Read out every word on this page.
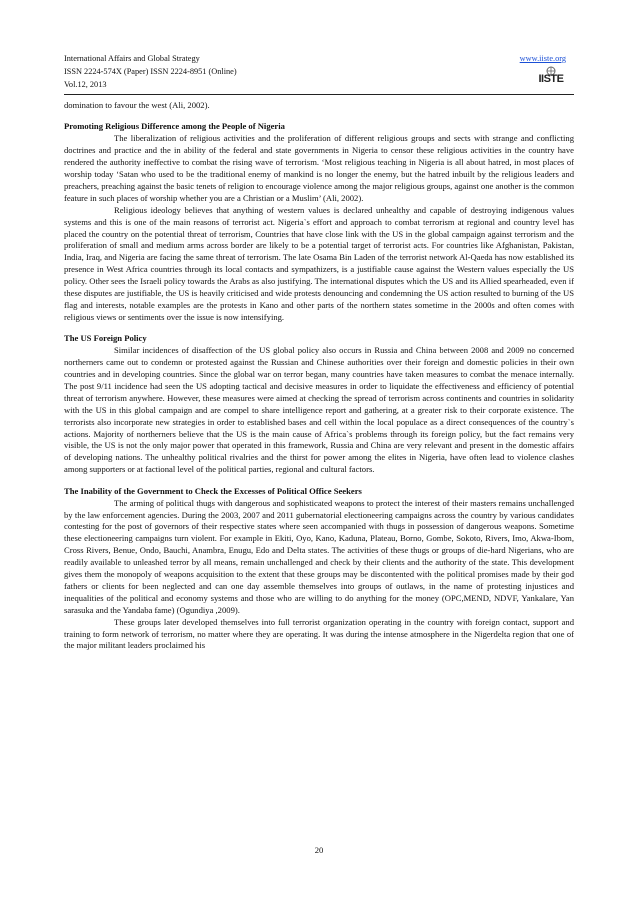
International Affairs and Global Strategy
ISSN 2224-574X (Paper) ISSN 2224-8951 (Online)
Vol.12, 2013
www.iiste.org
IISTE

domination to favour the west (Ali, 2002).

Promoting Religious Difference among the People of Nigeria

The liberalization of religious activities and the proliferation of different religious groups and sects with strange and conflicting doctrines and practice and the in ability of the federal and state governments in Nigeria to censor these religious activities in the country have rendered the authority ineffective to combat the rising wave of terrorism. ‘Most religious teaching in Nigeria is all about hatred, in most places of worship today ‘Satan who used to be the traditional enemy of mankind is no longer the enemy, but the hatred inbuilt by the religious leaders and preachers, preaching against the basic tenets of religion to encourage violence among the major religious groups, against one another is the common feature in such places of worship whether you are a Christian or a Muslim’ (Ali, 2002).

Religious ideology believes that anything of western values is declared unhealthy and capable of destroying indigenous values systems and this is one of the main reasons of terrorist act. Nigeria`s effort and approach to combat terrorism at regional and country level has placed the country on the potential threat of terrorism, Countries that have close link with the US in the global campaign against terrorism and the proliferation of small and medium arms across border are likely to be a potential target of terrorist acts. For countries like Afghanistan, Pakistan, India, Iraq, and Nigeria are facing the same threat of terrorism. The late Osama Bin Laden of the terrorist network Al-Qaeda has now established its presence in West Africa countries through its local contacts and sympathizers, is a justifiable cause against the Western values especially the US policy. Other sees the Israeli policy towards the Arabs as also justifying. The international disputes which the US and its Allied spearheaded, even if these disputes are justifiable, the US is heavily criticised and wide protests denouncing and condemning the US action resulted to burning of the US flag and interests, notable examples are the protests in Kano and other parts of the northern states sometime in the 2000s and often comes with religious views or sentiments over the issue is now intensifying.

The US Foreign Policy

Similar incidences of disaffection of the US global policy also occurs in Russia and China between 2008 and 2009 no concerned northerners came out to condemn or protested against the Russian and Chinese authorities over their foreign and domestic policies in their own countries and in developing countries. Since the global war on terror began, many countries have taken measures to combat the menace internally. The post 9/11 incidence had seen the US adopting tactical and decisive measures in order to liquidate the effectiveness and efficiency of potential threat of terrorism anywhere. However, these measures were aimed at checking the spread of terrorism across continents and countries in solidarity with the US in this global campaign and are compel to share intelligence report and gathering, at a greater risk to their corporate existence. The terrorists also incorporate new strategies in order to established bases and cell within the local populace as a direct consequences of the country`s actions. Majority of northerners believe that the US is the main cause of Africa`s problems through its foreign policy, but the fact remains very visible, the US is not the only major power that operated in this framework, Russia and China are very relevant and present in the domestic affairs of developing nations. The unhealthy political rivalries and the thirst for power among the elites in Nigeria, have often lead to violence clashes among supporters or at factional level of the political parties, regional and cultural factors.

The Inability of the Government to Check the Excesses of Political Office Seekers

The arming of political thugs with dangerous and sophisticated weapons to protect the interest of their masters remains unchallenged by the law enforcement agencies. During the 2003, 2007 and 2011 gubernatorial electioneering campaigns across the country by various candidates contesting for the post of governors of their respective states where seen accompanied with thugs in possession of dangerous weapons. Sometime these electioneering campaigns turn violent. For example in Ekiti, Oyo, Kano, Kaduna, Plateau, Borno, Gombe, Sokoto, Rivers, Imo, Akwa-Ibom, Cross Rivers, Benue, Ondo, Bauchi, Anambra, Enugu, Edo and Delta states. The activities of these thugs or groups of die-hard Nigerians, who are readily available to unleashed terror by all means, remain unchallenged and check by their clients and the authority of the state. This development gives them the monopoly of weapons acquisition to the extent that these groups may be discontented with the political promises made by their god fathers or clients for been neglected and can one day assemble themselves into groups of outlaws, in the name of protesting injustices and inequalities of the political and economy systems and those who are willing to do anything for the money (OPC,MEND, NDVF, Yankalare, Yan sarasuka and the Yandaba fame) (Ogundiya ,2009).

These groups later developed themselves into full terrorist organization operating in the country with foreign contact, support and training to form network of terrorism, no matter where they are operating. It was during the intense atmosphere in the Nigerdelta region that one of the major militant leaders proclaimed his

20
